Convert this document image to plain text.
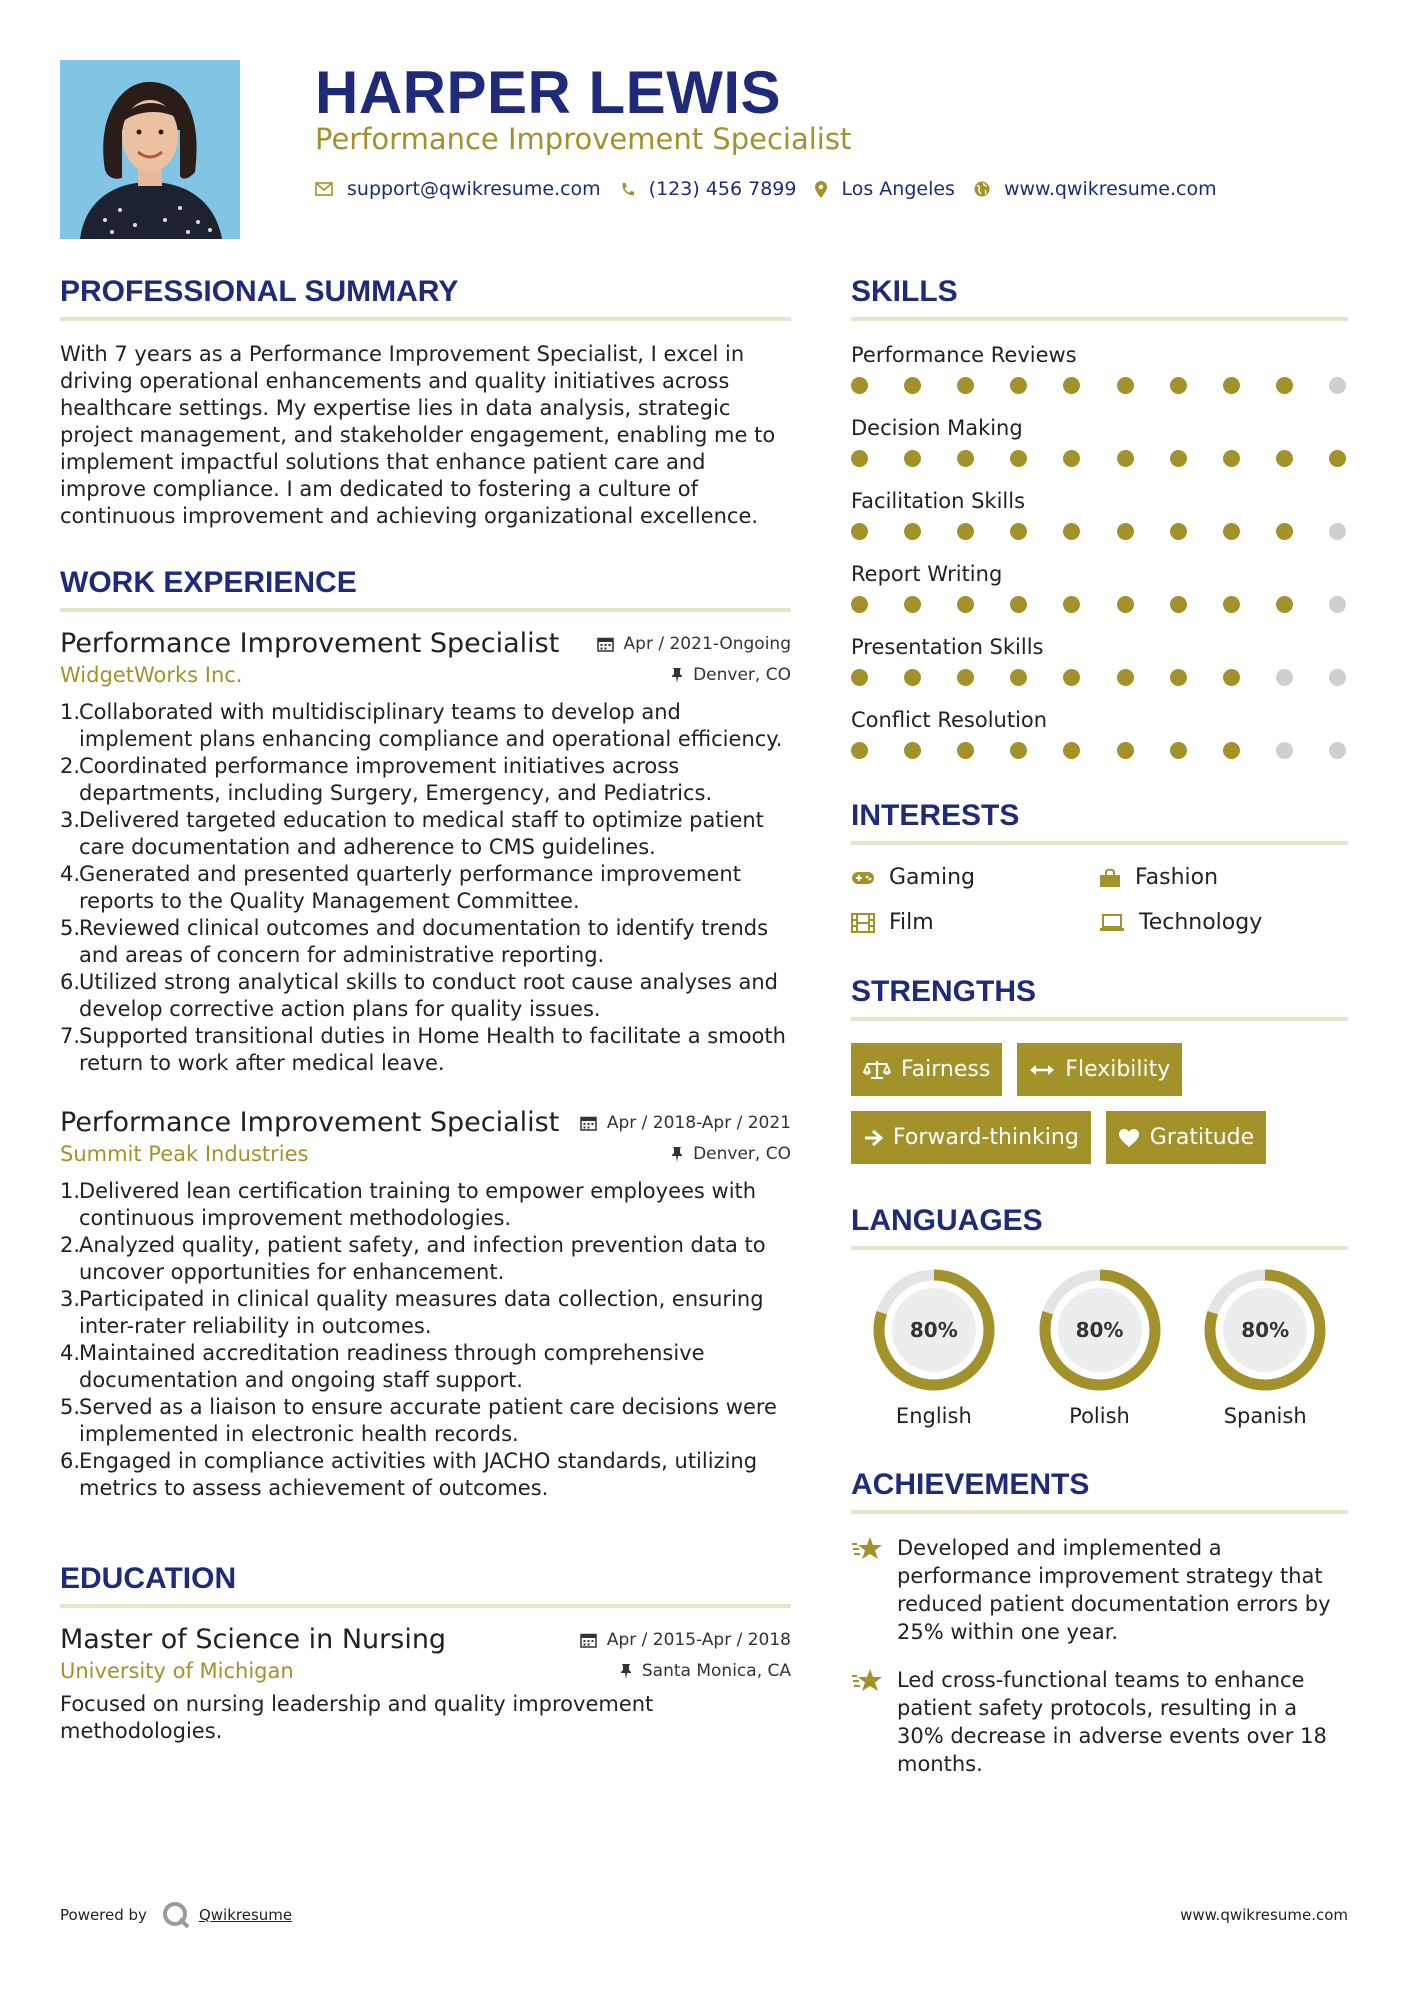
HARPER LEWIS
Performance Improvement Specialist
support@qwikresume.com	(123) 456 7899 Los Angeles	www.qwikresume.com
PROFESSIONAL SUMMARY

With 7 years as a Performance Improvement Specialist, I excel in driving operational enhancements and quality initiatives across healthcare settings. My expertise lies in data analysis, strategic project management, and stakeholder engagement, enabling me to implement impactful solutions that enhance patient care and improve compliance. I am dedicated to fostering a culture of continuous improvement and achieving organizational excellence.

WORK EXPERIENCE
Performance Improvement Specialist	Apr / 2021-Ongoing
WidgetWorks Inc.	Denver, CO
1.
Collaborated with multidisciplinary teams to develop and implement plans enhancing compliance and operational efficiency.
2.
Coordinated performance improvement initiatives across departments, including Surgery, Emergency, and Pediatrics.
3.
Delivered targeted education to medical staff to optimize patient care documentation and adherence to CMS guidelines.
4.
Generated and presented quarterly performance improvement reports to the Quality Management Committee.
5.
Reviewed clinical outcomes and documentation to identify trends and areas of concern for administrative reporting.
6.
Utilized strong analytical skills to conduct root cause analyses and develop corrective action plans for quality issues.
7.
Supported transitional duties in Home Health to facilitate a smooth return to work after medical leave.
Performance Improvement Specialist	Apr / 2018-Apr / 2021
Summit Peak Industries	Denver, CO
1.
Delivered lean certification training to empower employees with continuous improvement methodologies.
2.
Analyzed quality, patient safety, and infection prevention data to uncover opportunities for enhancement.
3.
Participated in clinical quality measures data collection, ensuring inter-rater reliability in outcomes.
4.
Maintained accreditation readiness through comprehensive documentation and ongoing staff support.
5.
Served as a liaison to ensure accurate patient care decisions were implemented in electronic health records.
6.
Engaged in compliance activities with JACHO standards, utilizing metrics to assess achievement of outcomes.
EDUCATION
Master of Science in Nursing	Apr / 2015-Apr / 2018
University of Michigan	Santa Monica, CA

Focused on nursing leadership and quality improvement methodologies.

SKILLS
Performance Reviews
Decision Making
Facilitation Skills
Report Writing
Presentation Skills
Conflict Resolution
INTERESTS
Gaming	Fashion
Film	Technology
STRENGTHS
Fairness	Flexibility
Forward-thinking	Gratitude
LANGUAGES
80%
English
80%
Polish
80%
Spanish
ACHIEVEMENTS
Developed and implemented a performance improvement strategy that reduced patient documentation errors by 25% within one year.
Led cross-functional teams to enhance patient safety protocols, resulting in a 30% decrease in adverse events over 18 months.
Powered by	Qwikresume	www.qwikresume.com
